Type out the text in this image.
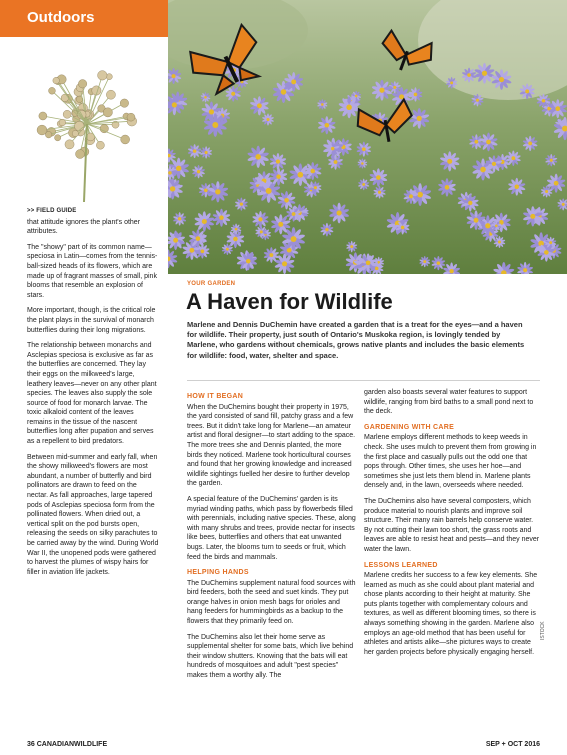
Outdoors
>> FIELD GUIDE

that attitude ignores the plant's other attributes.

The "showy" part of its common name—speciosa in Latin—comes from the tennis-ball-sized heads of its flowers, which are made up of fragrant masses of small, pink blooms that resemble an explosion of stars.

More important, though, is the critical role the plant plays in the survival of monarch butterflies during their long migrations.

The relationship between monarchs and Asclepias speciosa is exclusive as far as the butterflies are concerned. They lay their eggs on the milkweed's large, leathery leaves—never on any other plant species. The leaves also supply the sole source of food for monarch larvae. The toxic alkaloid content of the leaves remains in the tissue of the nascent butterflies long after pupation and serves as a repellent to bird predators.

Between mid-summer and early fall, when the showy milkweed's flowers are most abundant, a number of butterfly and bird pollinators are drawn to feed on the nectar. As fall approaches, large tapered pods of Asclepias speciosa form from the pollinated flowers. When dried out, a vertical split on the pod bursts open, releasing the seeds on silky parachutes to be carried away by the wind. During World War II, the unopened pods were gathered to harvest the plumes of wispy hairs for filler in aviation life jackets.

YOUR GARDEN
A Haven for Wildlife
Marlene and Dennis DuChemin have created a garden that is a treat for the eyes—and a haven for wildlife. Their property, just south of Ontario's Muskoka region, is lovingly tended by Marlene, who gardens without chemicals, grows native plants and includes the basic elements for wildlife: food, water, shelter and space.
HOW IT BEGAN

When the DuChemins bought their property in 1975, the yard consisted of sand fill, patchy grass and a few trees. But it didn't take long for Marlene—an amateur artist and floral designer—to start adding to the space. The more trees she and Dennis planted, the more birds they noticed. Marlene took horticultural courses and found that her growing knowledge and increased wildlife sightings fuelled her desire to further develop the garden.

A special feature of the DuChemins' garden is its myriad winding paths, which pass by flowerbeds filled with perennials, including native species. These, along with many shrubs and trees, provide nectar for insects like bees, butterflies and others that eat unwanted bugs. Later, the blooms turn to seeds or fruit, which feed the birds and mammals.

HELPING HANDS

The DuChemins supplement natural food sources with bird feeders, both the seed and suet kinds. They put orange halves in onion mesh bags for orioles and hang feeders for hummingbirds as a backup to the flowers that they primarily feed on.

The DuChemins also let their home serve as supplemental shelter for some bats, which live behind their window shutters. Knowing that the bats will eat hundreds of mosquitoes and adult "pest species" makes them a worthy ally. The

garden also boasts several water features to support wildlife, ranging from bird baths to a small pond next to the deck.

GARDENING WITH CARE

Marlene employs different methods to keep weeds in check. She uses mulch to prevent them from growing in the first place and casually pulls out the odd one that pops through. Other times, she uses her hoe—and sometimes she just lets them blend in. Marlene plants densely and, in the lawn, overseeds where needed.

The DuChemins also have several composters, which produce material to nourish plants and improve soil structure. Their many rain barrels help conserve water. By not cutting their lawn too short, the grass roots and leaves are able to resist heat and pests—and they never water the lawn.

LESSONS LEARNED

Marlene credits her success to a few key elements. She learned as much as she could about plant material and chose plants according to their height at maturity. She puts plants together with complementary colours and textures, as well as different blooming times, so there is always something showing in the garden. Marlene also employs an age-old method that has been useful for athletes and artists alike—she pictures ways to create her garden projects before physically engaging herself.

ISTOCK
36 CANADIANWILDLIFE	SEP + OCT 2016
